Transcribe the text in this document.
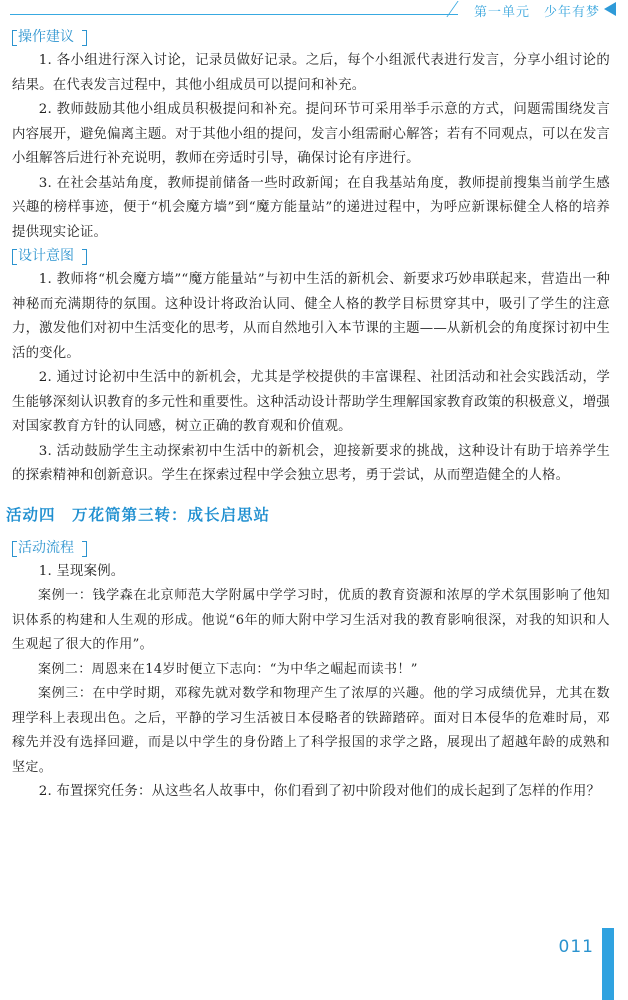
第一单元　少年有梦
操作建议

1. 各小组进行深入讨论，记录员做好记录。之后，每个小组派代表进行发言，分享小组讨论的结果。在代表发言过程中，其他小组成员可以提问和补充。

2. 教师鼓励其他小组成员积极提问和补充。提问环节可采用举手示意的方式，问题需围绕发言内容展开，避免偏离主题。对于其他小组的提问，发言小组需耐心解答；若有不同观点，可以在发言小组解答后进行补充说明，教师在旁适时引导，确保讨论有序进行。

3. 在社会基站角度，教师提前储备一些时政新闻；在自我基站角度，教师提前搜集当前学生感兴趣的榜样事迹，便于“机会魔方墙”到“魔方能量站”的递进过程中，为呼应新课标健全人格的培养提供现实论证。

设计意图

1. 教师将“机会魔方墙”“魔方能量站”与初中生活的新机会、新要求巧妙串联起来，营造出一种神秘而充满期待的氛围。这种设计将政治认同、健全人格的教学目标贯穿其中，吸引了学生的注意力，激发他们对初中生活变化的思考，从而自然地引入本节课的主题——从新机会的角度探讨初中生活的变化。

2. 通过讨论初中生活中的新机会，尤其是学校提供的丰富课程、社团活动和社会实践活动，学生能够深刻认识教育的多元性和重要性。这种活动设计帮助学生理解国家教育政策的积极意义，增强对国家教育方针的认同感，树立正确的教育观和价值观。

3. 活动鼓励学生主动探索初中生活中的新机会，迎接新要求的挑战，这种设计有助于培养学生的探索精神和创新意识。学生在探索过程中学会独立思考，勇于尝试，从而塑造健全的人格。

活动四　万花筒第三转：成长启思站
活动流程

1. 呈现案例。

案例一：钱学森在北京师范大学附属中学学习时，优质的教育资源和浓厚的学术氛围影响了他知识体系的构建和人生观的形成。他说“6年的师大附中学习生活对我的教育影响很深，对我的知识和人生观起了很大的作用”。

案例二：周恩来在14岁时便立下志向：“为中华之崛起而读书！”

案例三：在中学时期，邓稼先就对数学和物理产生了浓厚的兴趣。他的学习成绩优异，尤其在数理学科上表现出色。之后，平静的学习生活被日本侵略者的铁蹄踏碎。面对日本侵华的危难时局，邓稼先并没有选择回避，而是以中学生的身份踏上了科学报国的求学之路，展现出了超越年龄的成熟和坚定。

2. 布置探究任务：从这些名人故事中，你们看到了初中阶段对他们的成长起到了怎样的作用？

011
